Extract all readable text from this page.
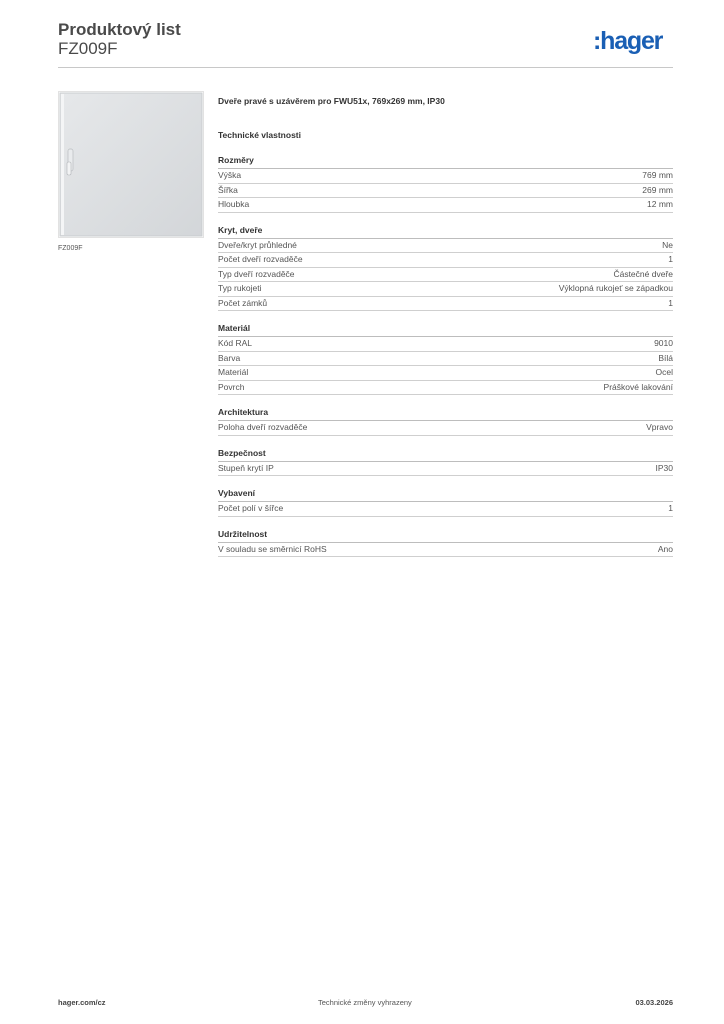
Produktový list
FZ009F	:hager
FZ009F
Dveře pravé s uzávěrem pro FWU51x, 769x269 mm, IP30
Technické vlastnosti
Rozměry
Výška	769 mm
Šířka	269 mm
Hloubka	12 mm
Kryt, dveře
Dveře/kryt průhledné	Ne
Počet dveří rozvaděče	1
Typ dveří rozvaděče	Částečné dveře
Typ rukojeti	Výklopná rukojeť se západkou
Počet zámků	1
Materiál
Kód RAL	9010
Barva	Bílá
Materiál	Ocel
Povrch	Práškové lakování
Architektura
Poloha dveří rozvaděče	Vpravo
Bezpečnost
Stupeň krytí IP	IP30
Vybavení
Počet polí v šířce	1
Udržitelnost
V souladu se směrnicí RoHS	Ano
hager.com/cz	Technické změny vyhrazeny	03.03.2026
